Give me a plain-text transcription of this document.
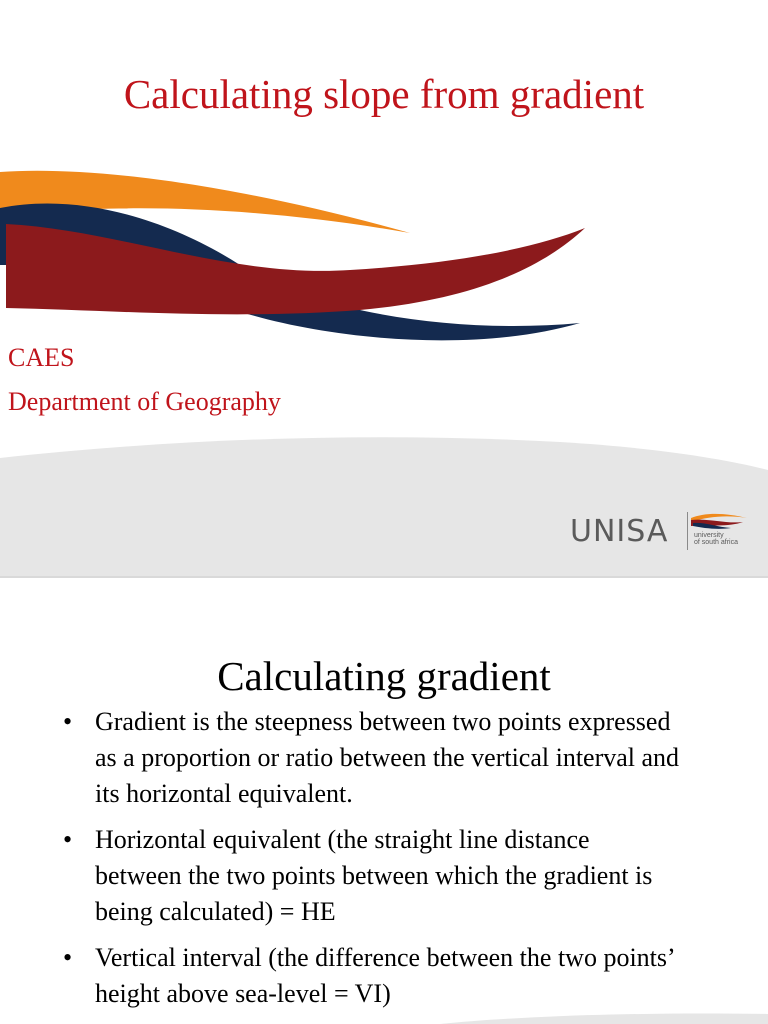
Calculating slope from gradient
CAES
Department of Geography
UNISA	university
of south africa
Calculating gradient
• Gradient is the steepness between two points expressed as a proportion or ratio between the vertical interval and its horizontal equivalent.
• Horizontal equivalent (the straight line distance between the two points between which the gradient is being calculated) = HE
• Vertical interval (the difference between the two points’ height above sea-level = VI)
